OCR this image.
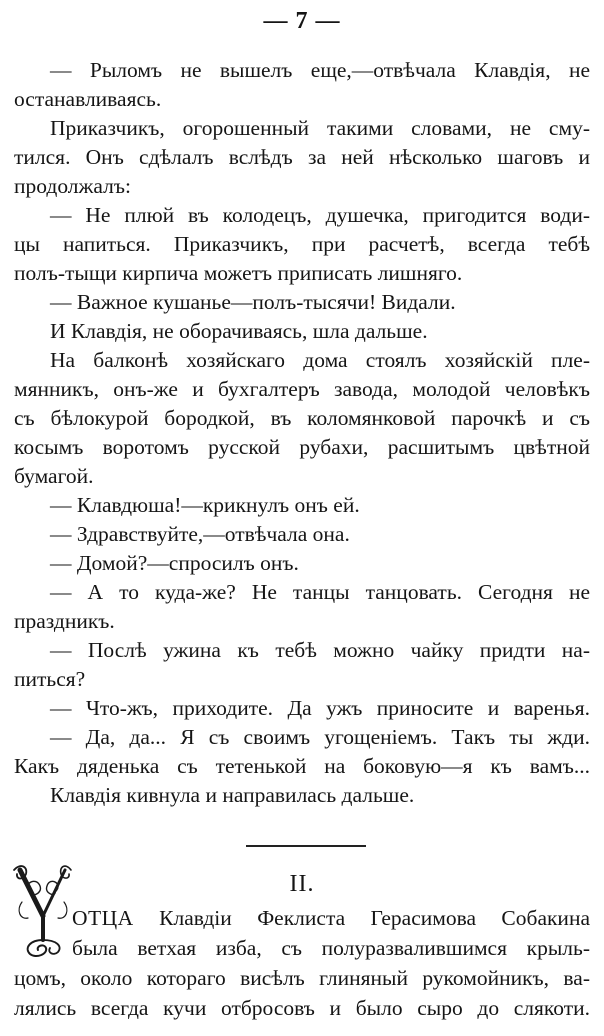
— 7 —
— Рыломъ не вышелъ еще,—отвѣчала Клавдія, не
останавливаясь.
Приказчикъ, огорошенный такими словами, не сму-
тился. Онъ сдѣлалъ вслѣдъ за ней нѣсколько шаговъ и
продолжалъ:
— Не плюй въ колодецъ, душечка, пригодится води-
цы напиться. Приказчикъ, при расчетѣ, всегда тебѣ
полъ-тыщи кирпича можетъ приписать лишняго.
— Важное кушанье—полъ-тысячи! Видали.
И Клавдія, не оборачиваясь, шла дальше.
На балконѣ хозяйскаго дома стоялъ хозяйскій пле-
мянникъ, онъ-же и бухгалтеръ завода, молодой человѣкъ
съ бѣлокурой бородкой, въ коломянковой парочкѣ и съ
косымъ воротомъ русской рубахи, расшитымъ цвѣтной
бумагой.
— Клавдюша!—крикнулъ онъ ей.
— Здравствуйте,—отвѣчала она.
— Домой?—спросилъ онъ.
— А то куда-же? Не танцы танцовать. Сегодня не
праздникъ.
— Послѣ ужина къ тебѣ можно чайку придти на-
питься?
— Что-жъ, приходите. Да ужъ приносите и варенья.
— Да, да... Я съ своимъ угощеніемъ. Такъ ты жди.
Какъ дяденька съ тетенькой на боковую—я къ вамъ...
Клавдія кивнула и направилась дальше.
II.
ОТЦА Клавдіи Феклиста Герасимова Собакина
была ветхая изба, съ полуразвалившимся крыль-
цомъ, около котораго висѣлъ глиняный рукомойникъ, ва-
лялись всегда кучи отбросовъ и было сыро до слякоти.
